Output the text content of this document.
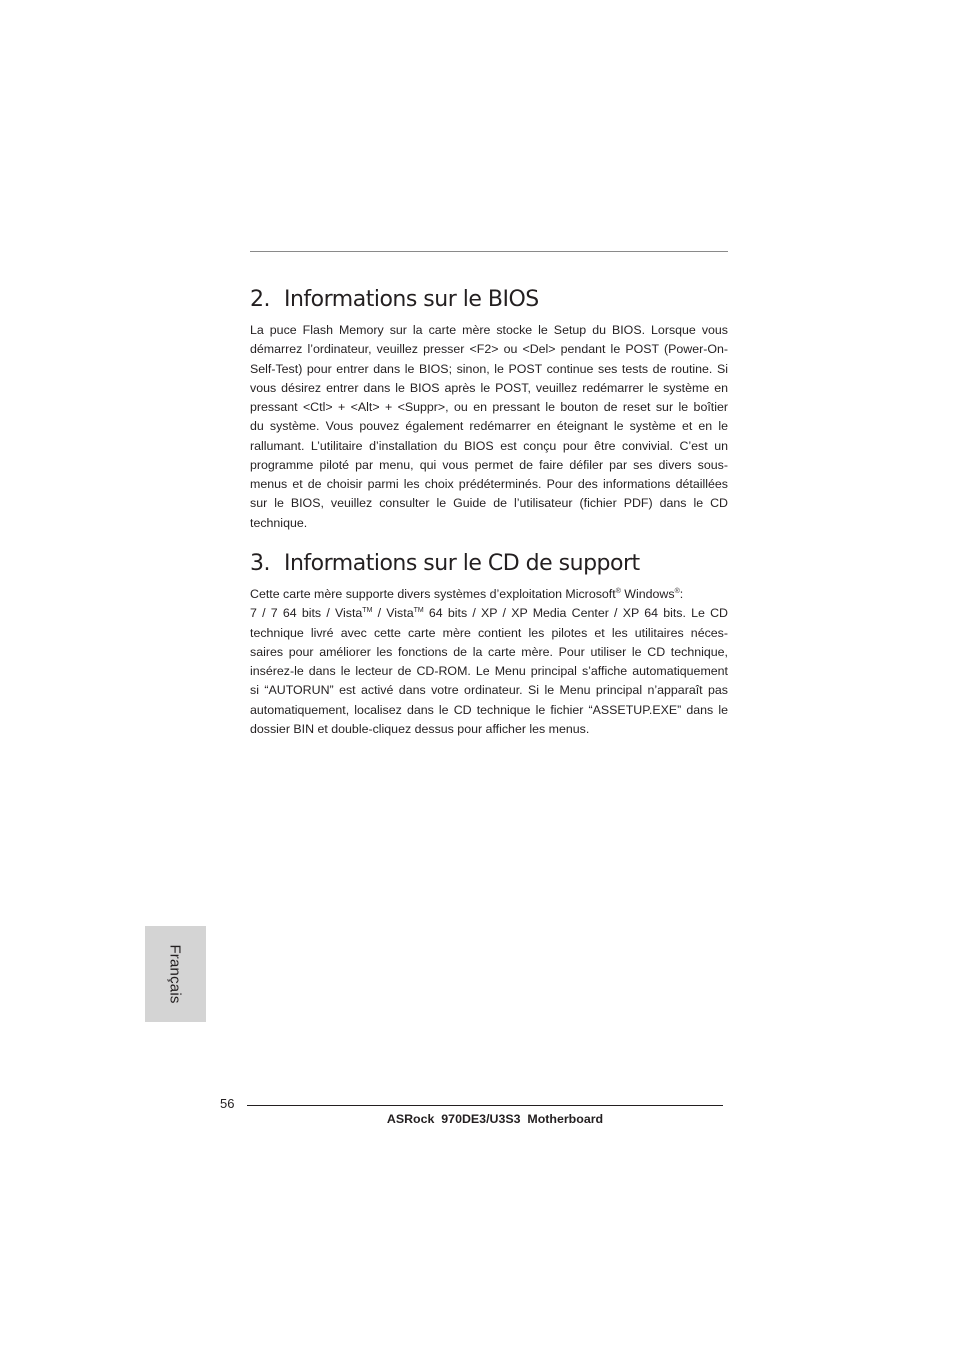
2. Informations sur le BIOS
La puce Flash Memory sur la carte mère stocke le Setup du BIOS. Lorsque vous
démarrez l’ordinateur, veuillez presser <F2> ou <Del> pendant le POST (Power-On-
Self-Test) pour entrer dans le BIOS; sinon, le POST continue ses tests de routine. Si
vous désirez entrer dans le BIOS après le POST, veuillez redémarrer le système en
pressant <Ctl> + <Alt> + <Suppr>, ou en pressant le bouton de reset sur le boîtier
du système. Vous pouvez également redémarrer en éteignant le système et en le
rallumant. L’utilitaire d’installation du BIOS est conçu pour être convivial. C’est un
programme piloté par menu, qui vous permet de faire défiler par ses divers sous-
menus et de choisir parmi les choix prédéterminés. Pour des informations détaillées
sur le BIOS, veuillez consulter le Guide de l’utilisateur (fichier PDF) dans le CD
technique.
3. Informations sur le CD de support
Cette carte mère supporte divers systèmes d’exploitation Microsoft® Windows®:
7 / 7 64 bits / Vista™ / Vista™ 64 bits / XP / XP Media Center / XP 64 bits. Le CD
technique livré avec cette carte mère contient les pilotes et les utilitaires néces-
saires pour améliorer les fonctions de la carte mère. Pour utiliser le CD technique,
insérez-le dans le lecteur de CD-ROM. Le Menu principal s’affiche automatiquement
si “AUTORUN” est activé dans votre ordinateur. Si le Menu principal n’apparaît pas
automatiquement, localisez dans le CD technique le fichier “ASSETUP.EXE” dans le
dossier BIN et double-cliquez dessus pour afficher les menus.
Français
56
ASRock  970DE3/U3S3  Motherboard
